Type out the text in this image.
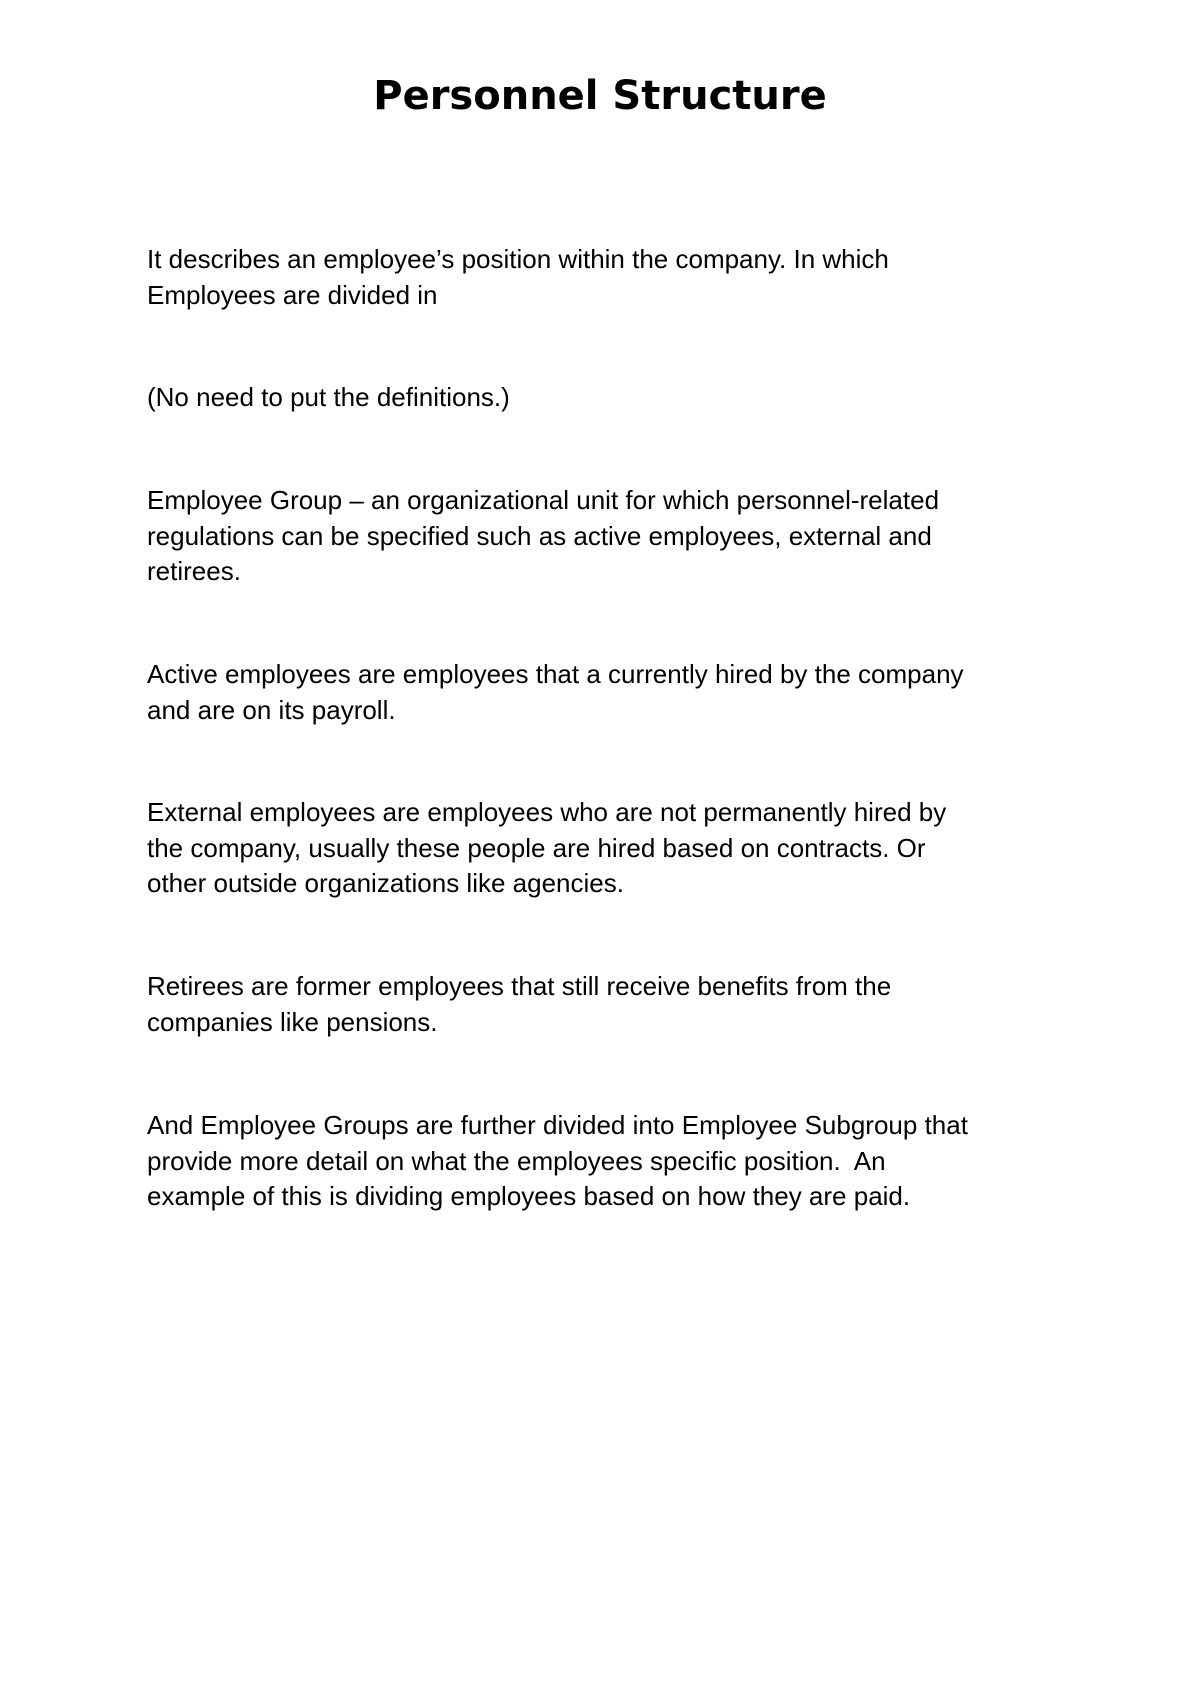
Personnel Structure

It describes an employee’s position within the company. In which
Employees are divided in

(No need to put the definitions.)

Employee Group – an organizational unit for which personnel-related
regulations can be specified such as active employees, external and
retirees.

Active employees are employees that a currently hired by the company
and are on its payroll.

External employees are employees who are not permanently hired by
the company, usually these people are hired based on contracts. Or
other outside organizations like agencies.

Retirees are former employees that still receive benefits from the
companies like pensions.

And Employee Groups are further divided into Employee Subgroup that
provide more detail on what the employees specific position.  An
example of this is dividing employees based on how they are paid.
